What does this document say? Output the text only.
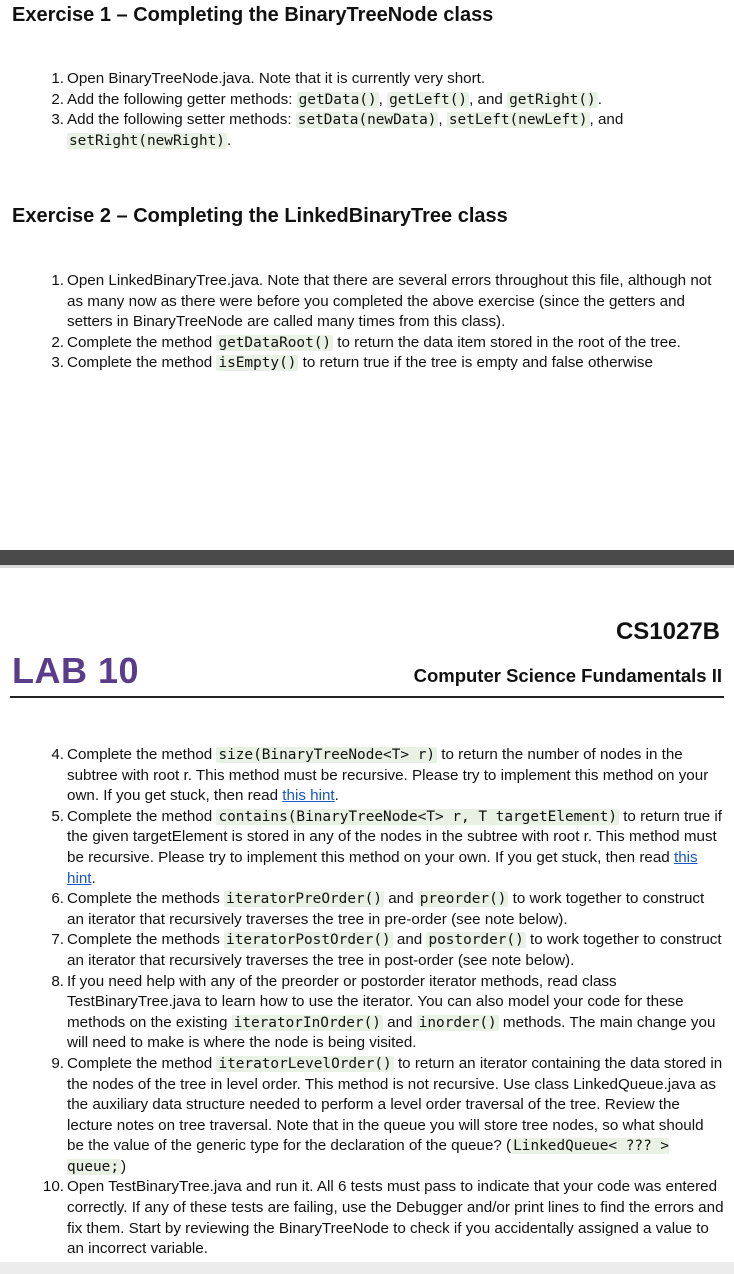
Exercise 1 – Completing the BinaryTreeNode class
1. Open BinaryTreeNode.java. Note that it is currently very short.
2. Add the following getter methods: getData() , getLeft() , and getRight() .
3. Add the following setter methods: setData(newData) , setLeft(newLeft) , and setRight(newRight) .
Exercise 2 – Completing the LinkedBinaryTree class
1. Open LinkedBinaryTree.java. Note that there are several errors throughout this file, although not as many now as there were before you completed the above exercise (since the getters and setters in BinaryTreeNode are called many times from this class).
2. Complete the method getDataRoot() to return the data item stored in the root of the tree.
3. Complete the method isEmpty() to return true if the tree is empty and false otherwise
CS1027B
LAB 10	Computer Science Fundamentals II
4. Complete the method size(BinaryTreeNode<T> r) to return the number of nodes in the subtree with root r. This method must be recursive. Please try to implement this method on your own. If you get stuck, then read this hint.
5. Complete the method contains(BinaryTreeNode<T> r, T targetElement) to return true if the given targetElement is stored in any of the nodes in the subtree with root r. This method must be recursive. Please try to implement this method on your own. If you get stuck, then read this hint.
6. Complete the methods iteratorPreOrder() and preorder() to work together to construct an iterator that recursively traverses the tree in pre-order (see note below).
7. Complete the methods iteratorPostOrder() and postorder() to work together to construct an iterator that recursively traverses the tree in post-order (see note below).
8. If you need help with any of the preorder or postorder iterator methods, read class TestBinaryTree.java to learn how to use the iterator. You can also model your code for these methods on the existing iteratorInOrder() and inorder() methods. The main change you will need to make is where the node is being visited.
9. Complete the method iteratorLevelOrder() to return an iterator containing the data stored in the nodes of the tree in level order. This method is not recursive. Use class LinkedQueue.java as the auxiliary data structure needed to perform a level order traversal of the tree. Review the lecture notes on tree traversal. Note that in the queue you will store tree nodes, so what should be the value of the generic type for the declaration of the queue? ( LinkedQueue< ??? > queue; )
10. Open TestBinaryTree.java and run it. All 6 tests must pass to indicate that your code was entered correctly. If any of these tests are failing, use the Debugger and/or print lines to find the errors and fix them. Start by reviewing the BinaryTreeNode to check if you accidentally assigned a value to an incorrect variable.
